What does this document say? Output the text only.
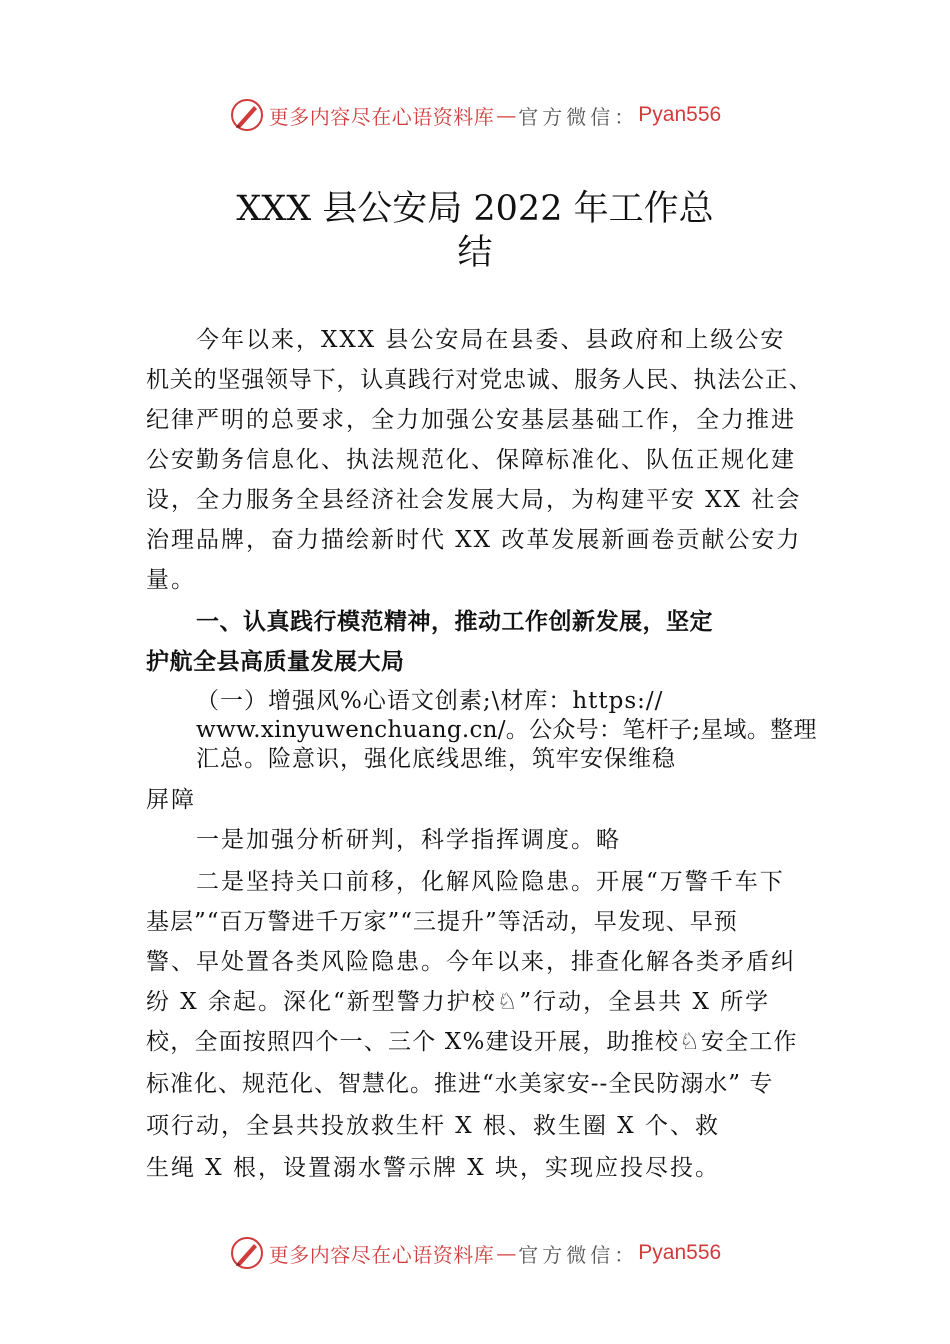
更多内容尽在心语资料库 — 官方微信： Pyan556
XXX 县公安局 2022 年工作总
结

今年以来，XXX 县公安局在县委、县政府和上级公安

机关的坚强领导下，认真践行对党忠诚、服务人民、执法公正、

纪律严明的总要求，全力加强公安基层基础工作，全力推进

公安勤务信息化、执法规范化、保障标准化、队伍正规化建

设，全力服务全县经济社会发展大局，为构建平安 XX 社会

治理品牌，奋力描绘新时代 XX 改革发展新画卷贡献公安力

量。

一、认真践行模范精神，推动工作创新发展，坚定

护航全县高质量发展大局

（一）增强风%心语文创素;\材库：https://

www.xinyuwenchuang.cn/。公众号：笔杆子;星域。整理

汇总。险意识，强化底线思维，筑牢安保维稳

屏障

一是加强分析研判，科学指挥调度。略

二是坚持关口前移，化解风险隐患。开展“万警千车下

基层”“百万警进千万家”“三提升”等活动，早发现、早预

警、早处置各类风险隐患。今年以来，排查化解各类矛盾纠

纷 X 余起。深化“新型警力护校♘”行动，全县共 X 所学

校，全面按照四个一、三个 X%建设开展，助推校♘安全工作

标准化、规范化、智慧化。推进“水美家安--全民防溺水” 专

项行动，全县共投放救生杆 X 根、救生圈 X 个、救

生绳 X 根，设置溺水警示牌 X 块，实现应投尽投。

更多内容尽在心语资料库 — 官方微信： Pyan556
